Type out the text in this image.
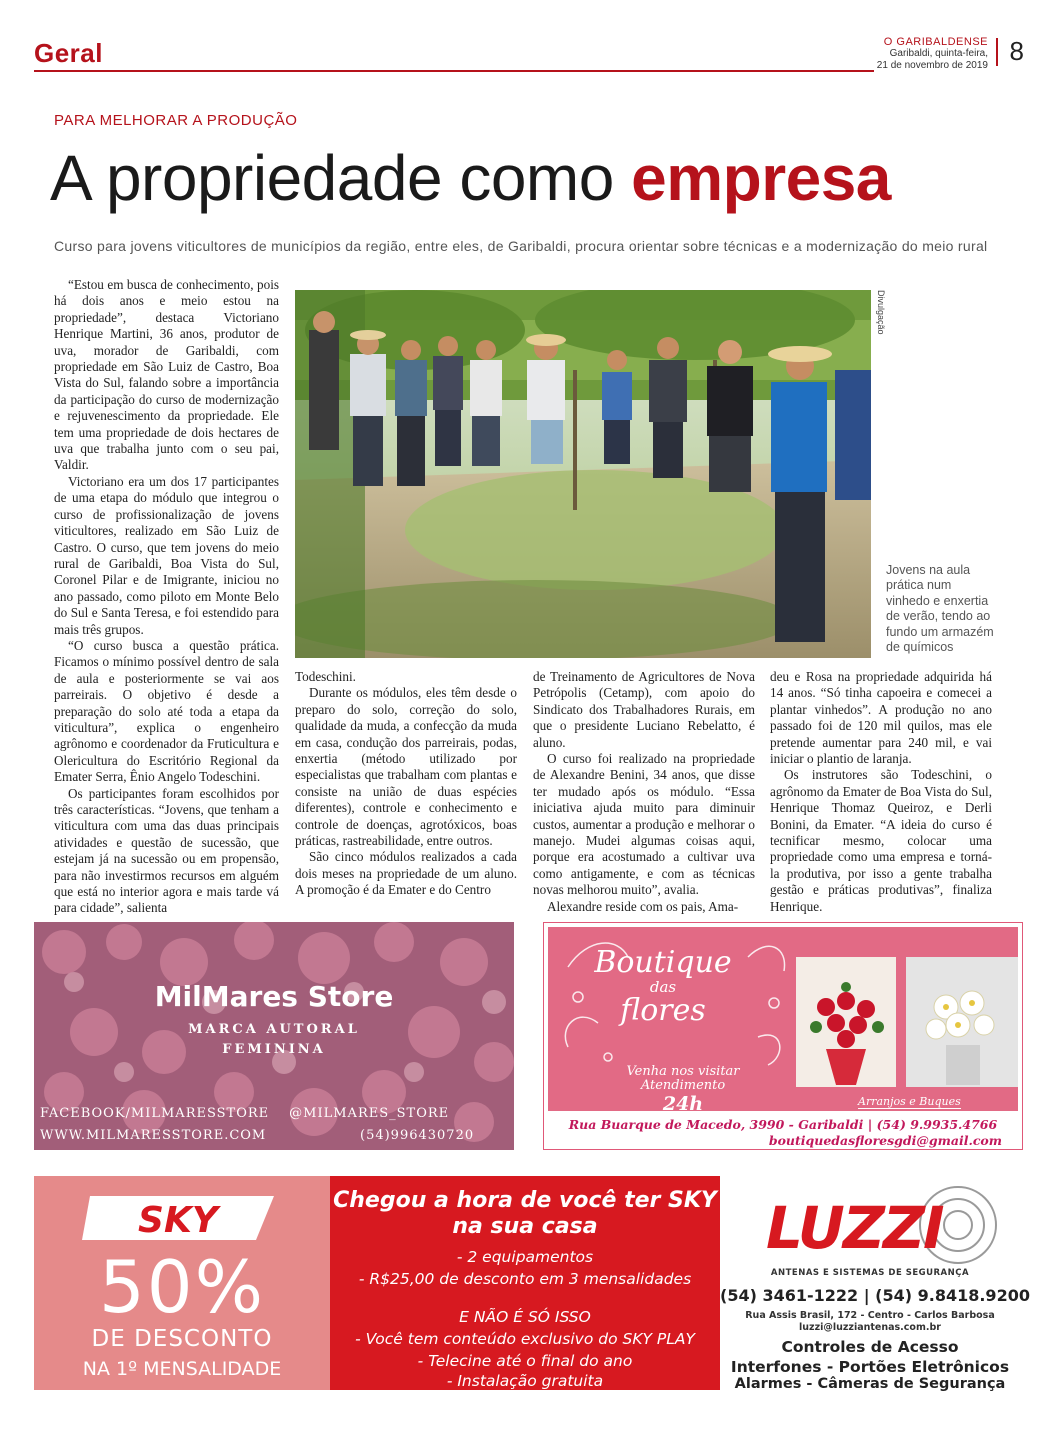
Geral	O GARIBALDENSE
Garibaldi, quinta-feira,
21 de novembro de 2019 8
PARA MELHORAR A PRODUÇÃO
A propriedade como empresa
Curso para jovens viticultores de municípios da região, entre eles, de Garibaldi, procura orientar sobre técnicas e a modernização do meio rural

“Estou em busca de conhecimento, pois há dois anos e meio estou na propriedade”, destaca Victoriano Henrique Martini, 36 anos, produtor de uva, morador de Garibaldi, com propriedade em São Luiz de Castro, Boa Vista do Sul, falando sobre a importância da participação do curso de modernização e rejuvenescimento da propriedade. Ele tem uma propriedade de dois hectares de uva que trabalha junto com o seu pai, Valdir.

Victoriano era um dos 17 participantes de uma etapa do módulo que integrou o curso de profissionalização de jovens viticultores, realizado em São Luiz de Castro. O curso, que tem jovens do meio rural de Garibaldi, Boa Vista do Sul, Coronel Pilar e de Imigrante, iniciou no ano passado, como piloto em Monte Belo do Sul e Santa Teresa, e foi estendido para mais três grupos.

“O curso busca a questão prática. Ficamos o mínimo possível dentro de sala de aula e posteriormente se vai aos parreirais. O objetivo é desde a preparação do solo até toda a etapa da viticultura”, explica o engenheiro agrônomo e coordenador da Fruticultura e Olericultura do Escritório Regional da Emater Serra, Ênio Angelo Todeschini.

Os participantes foram escolhidos por três características. “Jovens, que tenham a viticultura com uma das duas principais atividades e questão de sucessão, que estejam já na sucessão ou em propensão, para não investirmos recursos em alguém que está no interior agora e mais tarde vá para cidade”, salienta

Divulgação
Jovens na aula prática num vinhedo e enxertia de verão, tendo ao fundo um armazém de químicos

Todeschini.

Durante os módulos, eles têm desde o preparo do solo, correção do solo, qualidade da muda, a confecção da muda em casa, condução dos parreirais, podas, enxertia (método utilizado por especialistas que trabalham com plantas e consiste na união de duas espécies diferentes), controle e conhecimento e controle de doenças, agrotóxicos, boas práticas, rastreabilidade, entre outros.

São cinco módulos realizados a cada dois meses na propriedade de um aluno. A promoção é da Emater e do Centro

de Treinamento de Agricultores de Nova Petrópolis (Cetamp), com apoio do Sindicato dos Trabalhadores Rurais, em que o presidente Luciano Rebelatto, é aluno.

O curso foi realizado na propriedade de Alexandre Benini, 34 anos, que disse ter mudado após os módulo. “Essa iniciativa ajuda muito para diminuir custos, aumentar a produção e melhorar o manejo. Mudei algumas coisas aqui, porque era acostumado a cultivar uva como antigamente, e com as técnicas novas melhorou muito”, avalia.

Alexandre reside com os pais, Ama-

deu e Rosa na propriedade adquirida há 14 anos. “Só tinha capoeira e comecei a plantar vinhedos”. A produção no ano passado foi de 120 mil quilos, mas ele pretende aumentar para 240 mil, e vai iniciar o plantio de laranja.

Os instrutores são Todeschini, o agrônomo da Emater de Boa Vista do Sul, Henrique Thomaz Queiroz, e Derli Bonini, da Emater. “A ideia do curso é tecnificar mesmo, colocar uma propriedade como uma empresa e torná-la produtiva, por isso a gente trabalha gestão e práticas produtivas”, finaliza Henrique.

MilMares Store
MARCA AUTORAL
FEMININA
FACEBOOK/MILMARESSTORE @MILMARES_STORE
WWW.MILMARESSTORE.COM	(54)996430720
Boutique
das
flores
Venha nos visitar
Atendimento
24h	Arranjos e Buques
Rua Buarque de Macedo, 3990 - Garibaldi | (54) 9.9935.4766
boutiquedasfloresgdi@gmail.com
SKY
50%
DE DESCONTO
NA 1º MENSALIDADE
Chegou a hora de você ter SKY
na sua casa
- 2 equipamentos
- R$25,00 de desconto em 3 mensalidades
E NÃO É SÓ ISSO
- Você tem conteúdo exclusivo do SKY PLAY
- Telecine até o final do ano
- Instalação gratuita
LUZZI
ANTENAS E SISTEMAS DE SEGURANÇA
(54) 3461-1222 | (54) 9.8418.9200
Rua Assis Brasil, 172 - Centro - Carlos Barbosa
luzzi@luzziantenas.com.br
Controles de Acesso
Interfones - Portões Eletrônicos
Alarmes - Câmeras de Segurança
